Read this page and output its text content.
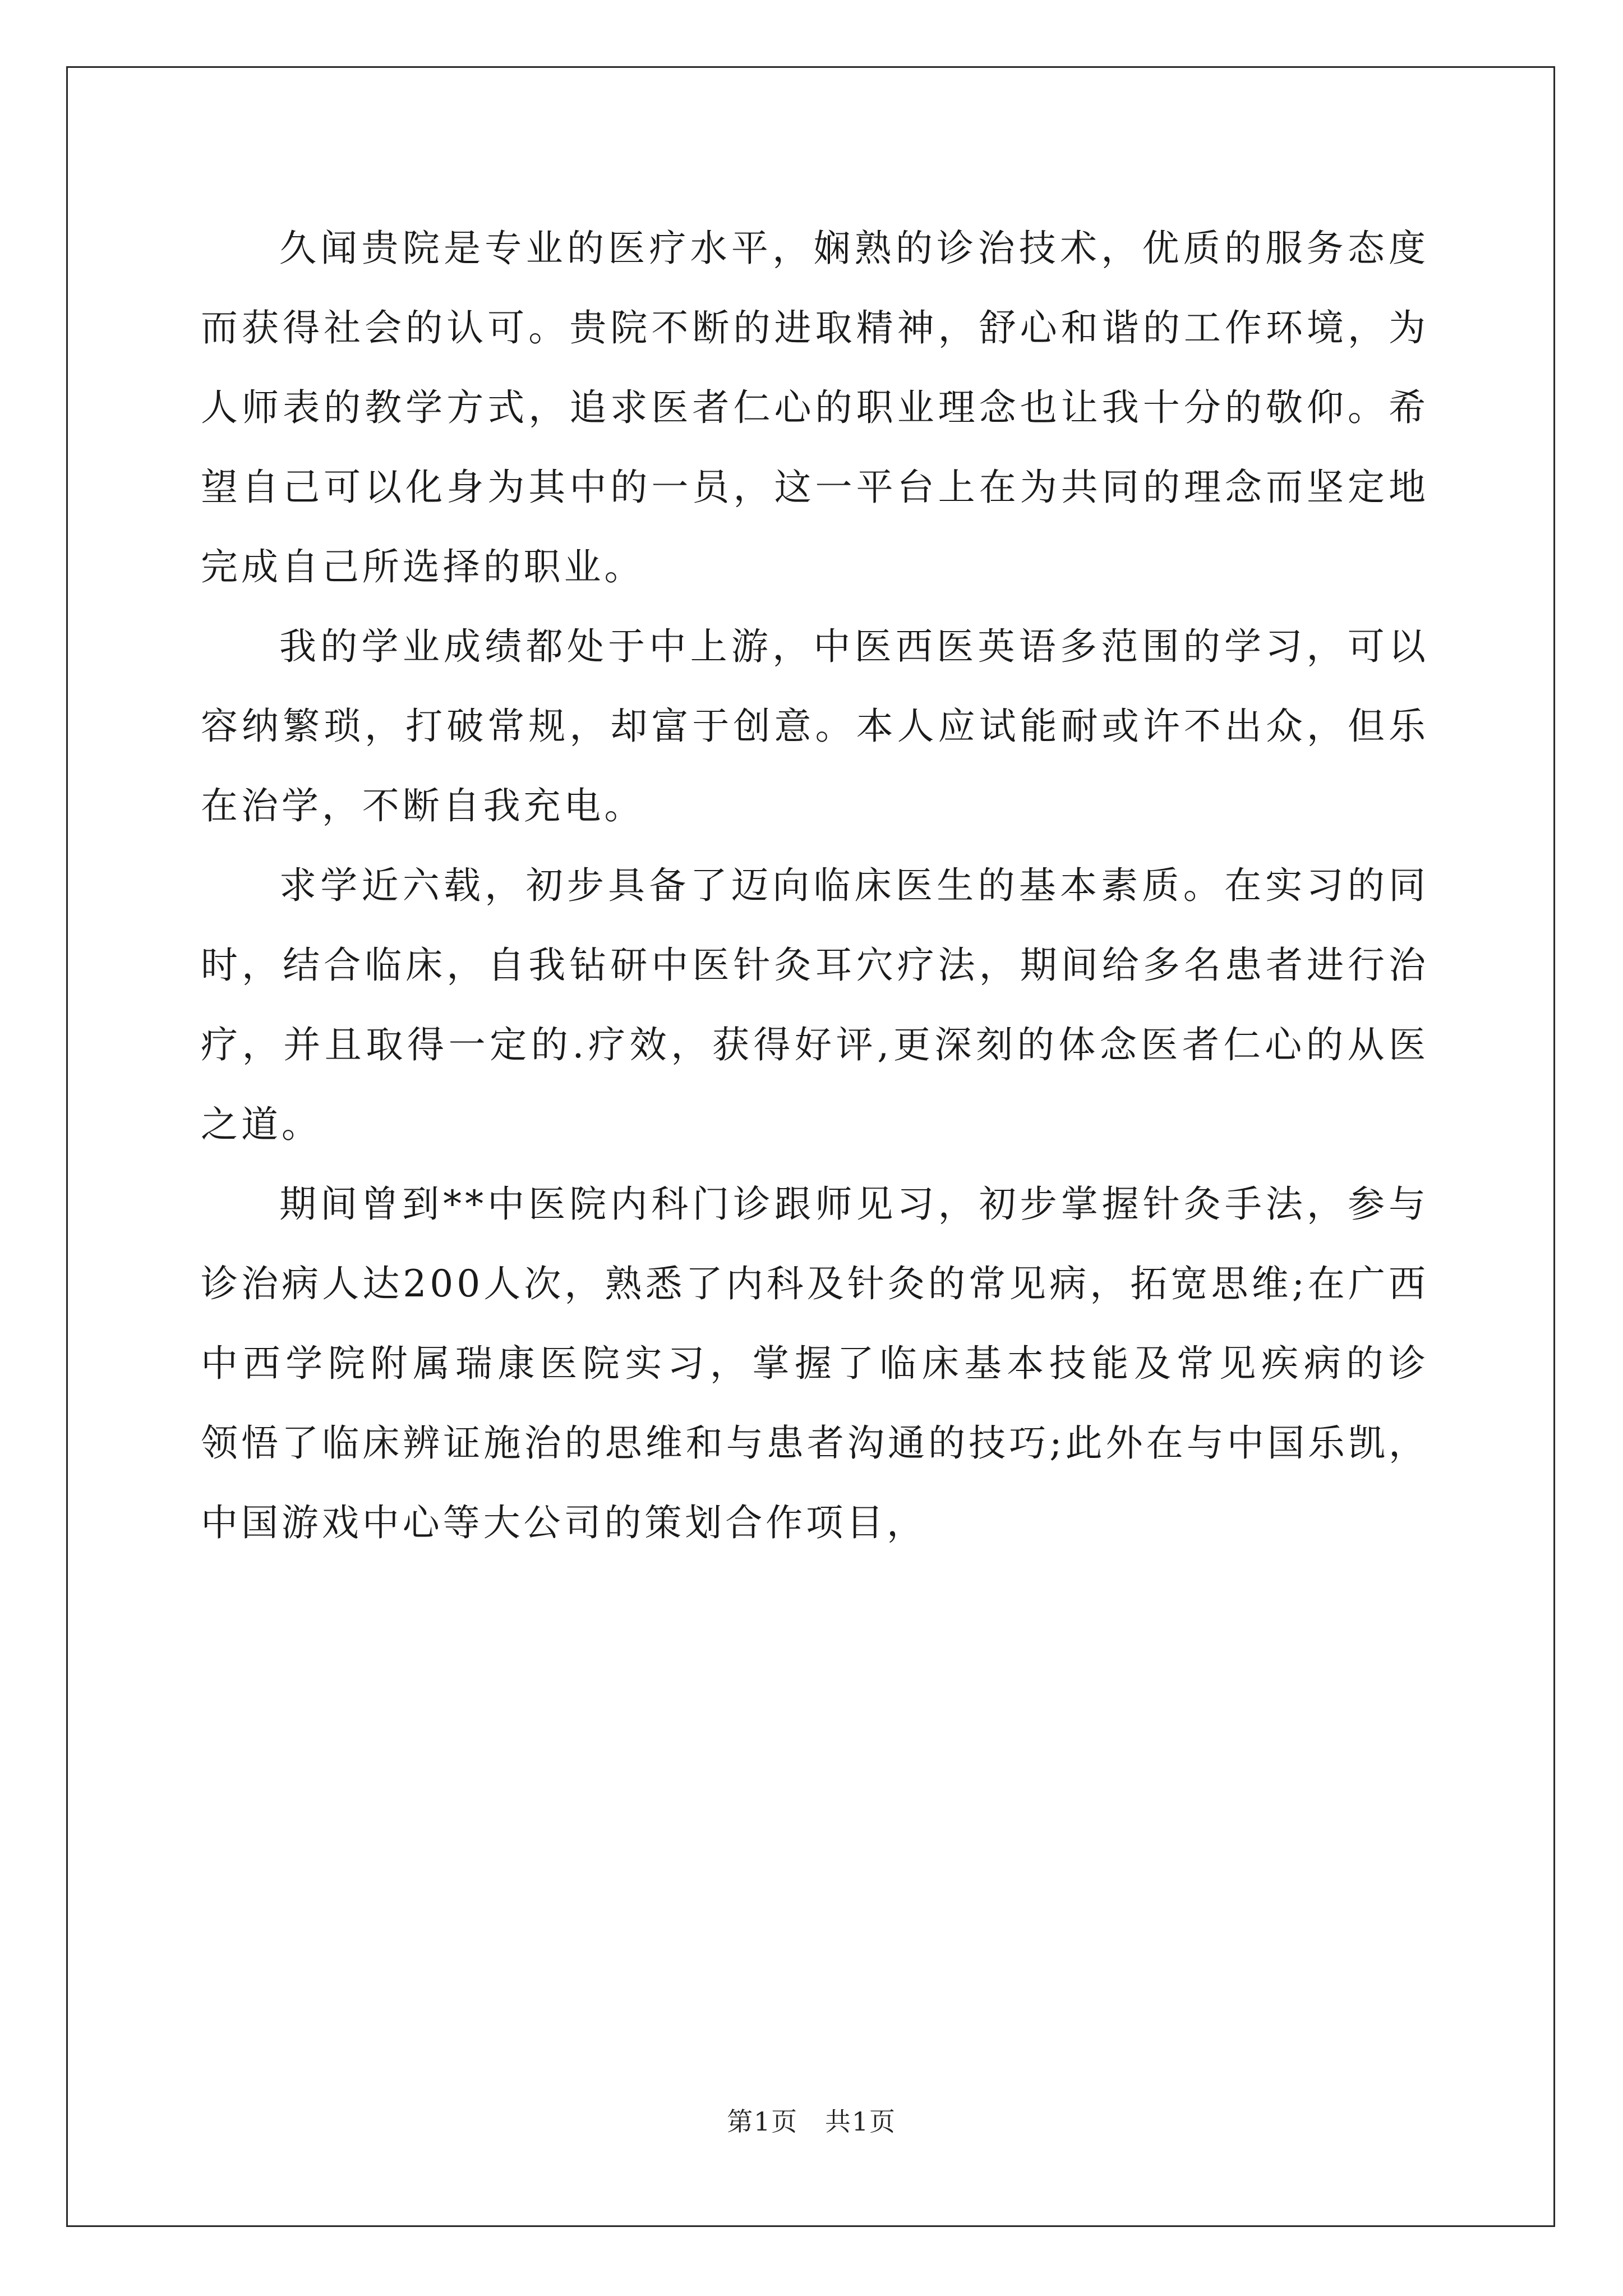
久闻贵院是专业的医疗水平，娴熟的诊治技术，优质的服务态度
而获得社会的认可。贵院不断的进取精神，舒心和谐的工作环境，为
人师表的教学方式，追求医者仁心的职业理念也让我十分的敬仰。希
望自己可以化身为其中的一员，这一平台上在为共同的理念而坚定地
完成自己所选择的职业。
我的学业成绩都处于中上游，中医西医英语多范围的学习，可以
容纳繁琐，打破常规，却富于创意。本人应试能耐或许不出众，但乐
在治学，不断自我充电。
求学近六载，初步具备了迈向临床医生的基本素质。在实习的同
时，结合临床，自我钻研中医针灸耳穴疗法，期间给多名患者进行治
疗，并且取得一定的.疗效，获得好评,更深刻的体念医者仁心的从医
之道。
期间曾到**中医院内科门诊跟师见习，初步掌握针灸手法，参与
诊治病人达200人次，熟悉了内科及针灸的常见病，拓宽思维;在广西
中西学院附属瑞康医院实习，掌握了临床基本技能及常见疾病的诊
领悟了临床辨证施治的思维和与患者沟通的技巧;此外在与中国乐凯，
中国游戏中心等大公司的策划合作项目，
第1页 共1页
